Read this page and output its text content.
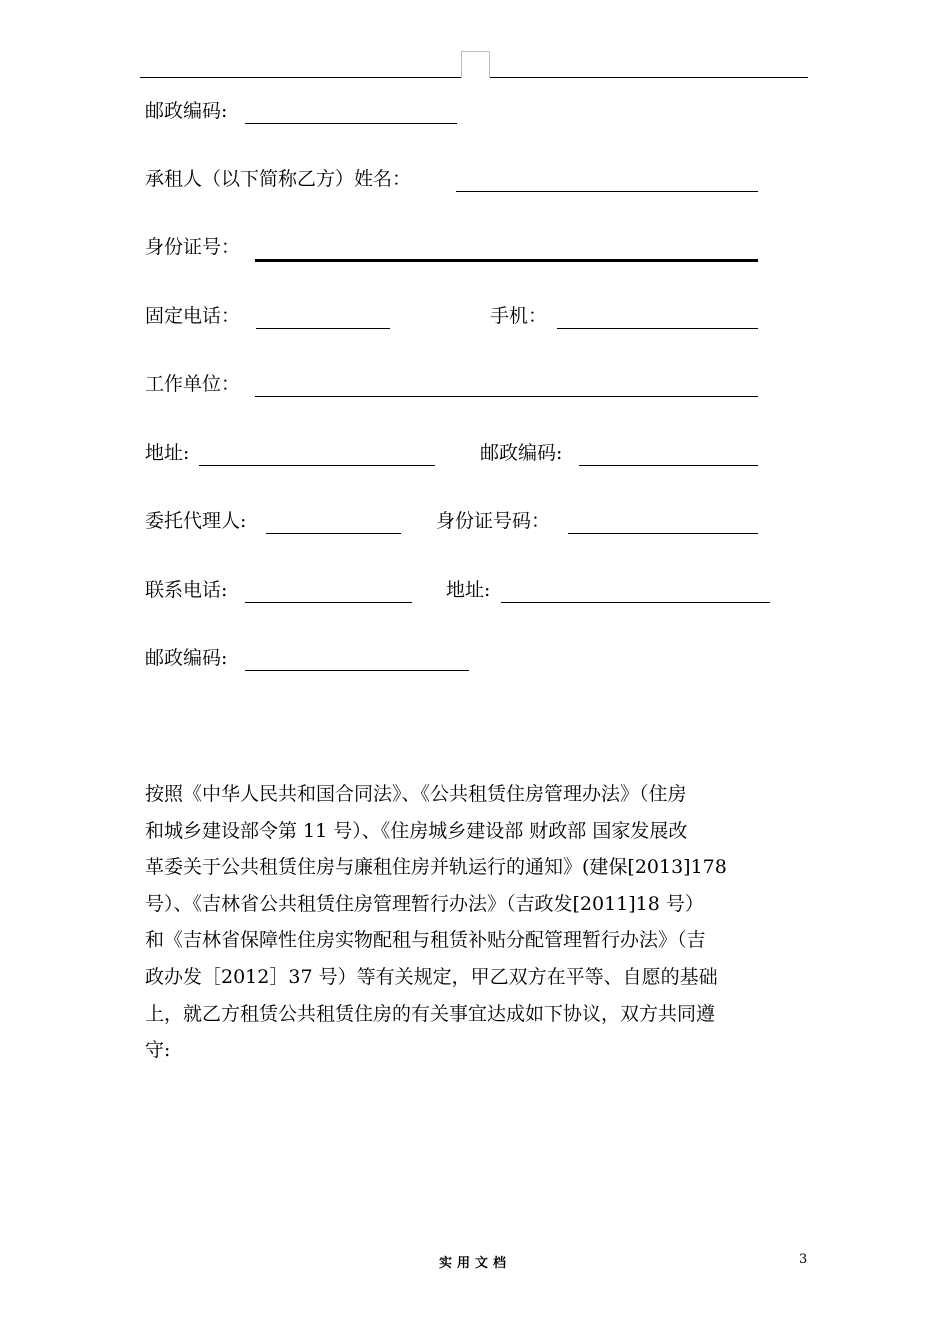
邮政编码:
承租人（以下简称乙方）姓名：
身份证号：
固定电话：	手机：
工作单位：
地址:	邮政编码:
委托代理人:	身份证号码：
联系电话:	地址:
邮政编码:
按照《中华人民共和国合同法》、《公共租赁住房管理办法》（住房
和城乡建设部令第 11 号）、《住房城乡建设部 财政部 国家发展改
革委关于公共租赁住房与廉租住房并轨运行的通知》(建保[2013]178
号）、《吉林省公共租赁住房管理暂行办法》（吉政发[2011]18 号）
和《吉林省保障性住房实物配租与租赁补贴分配管理暂行办法》（吉
政办发［2012］37 号）等有关规定，甲乙双方在平等、自愿的基础
上，就乙方租赁公共租赁住房的有关事宜达成如下协议，双方共同遵
守:
实用文档	3
